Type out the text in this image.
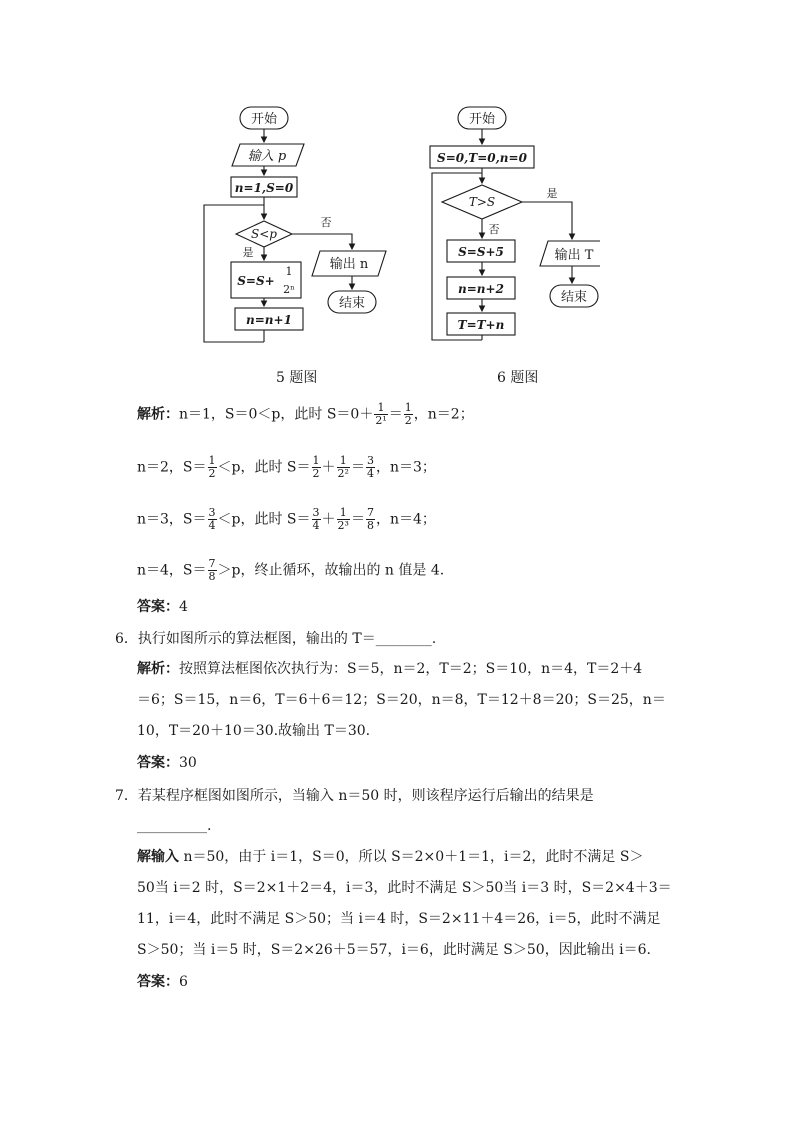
开始
输入 p
n=1,S=0
S<p
是
否
S=S+
1
2ⁿ
n=n+1
输出 n
结束
开始
S=0,T=0,n=0
T>S
否
是
S=S+5
n=n+2
T=T+n
输出 T
结束
5 题图	6 题图
解析：n＝1，S＝0＜p，此时 $S=0+ \frac{1}{\text{2¹}} = \frac{1}{2}$ ，n＝2；
n＝2，$S= \frac{1}{2} <p$，此时 $S= \frac{1}{2} + \frac{1}{\text{2²}} = \frac{3}{4}$ ，n＝3；
n＝3，$S= \frac{3}{4} <p$，此时 $S= \frac{3}{4} + \frac{1}{\text{2³}} = \frac{7}{8}$ ，n＝4；
n＝4，$S= \frac{7}{8} >p$，终止循环，故输出的 n 值是 4.
答案：4
6．执行如图所示的算法框图，输出的 T＝________.
解析：按照算法框图依次执行为：S＝5，n＝2，T＝2；S＝10，n＝4，T＝2＋4
＝6；S＝15，n＝6，T＝6＋6＝12；S＝20，n＝8，T＝12＋8＝20；S＝25，n＝
10，T＝20＋10＝30.故输出 T＝30.
答案：30
7．若某程序框图如图所示，当输入 n＝50 时，则该程序运行后输出的结果是
__________.
解输入 n＝50，由于 i＝1，S＝0，所以 S＝2×0＋1＝1，i＝2，此时不满足 S＞
50当 i＝2 时，S＝2×1＋2＝4，i＝3，此时不满足 S＞50当 i＝3 时，S＝2×4＋3＝
11，i＝4，此时不满足 S＞50；当 i＝4 时，S＝2×11＋4＝26，i＝5，此时不满足
S＞50；当 i＝5 时，S＝2×26＋5＝57，i＝6，此时满足 S＞50，因此输出 i＝6.
答案：6
